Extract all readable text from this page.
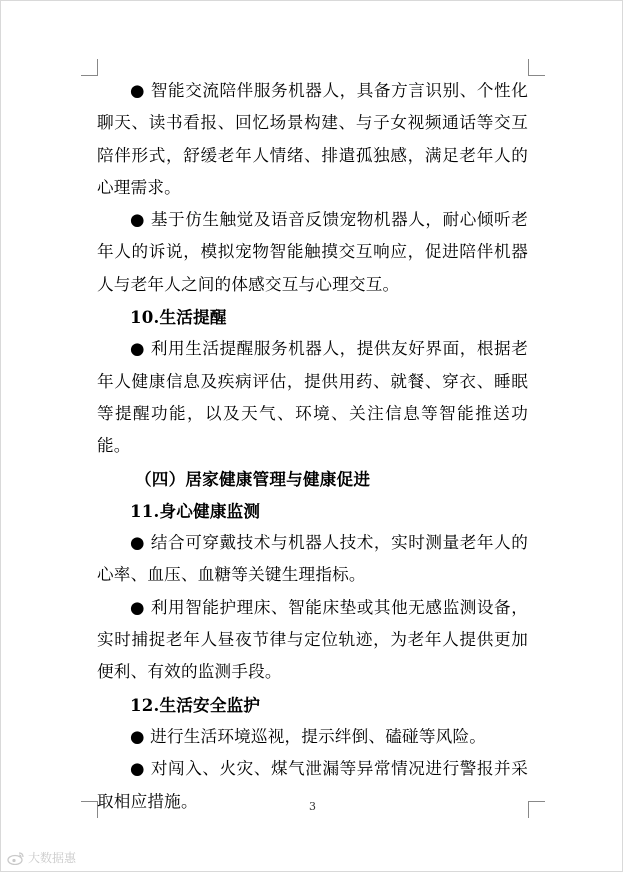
● 智能交流陪伴服务机器人，具备方言识别、个性化聊天、读书看报、回忆场景构建、与子女视频通话等交互陪伴形式，舒缓老年人情绪、排遣孤独感，满足老年人的心理需求。

● 基于仿生触觉及语音反馈宠物机器人，耐心倾听老年人的诉说，模拟宠物智能触摸交互响应，促进陪伴机器人与老年人之间的体感交互与心理交互。

10.生活提醒

● 利用生活提醒服务机器人，提供友好界面，根据老年人健康信息及疾病评估，提供用药、就餐、穿衣、睡眠等提醒功能，以及天气、环境、关注信息等智能推送功能。

（四）居家健康管理与健康促进

11.身心健康监测

● 结合可穿戴技术与机器人技术，实时测量老年人的心率、血压、血糖等关键生理指标。

● 利用智能护理床、智能床垫或其他无感监测设备，实时捕捉老年人昼夜节律与定位轨迹，为老年人提供更加便利、有效的监测手段。

12.生活安全监护

● 进行生活环境巡视，提示绊倒、磕碰等风险。

● 对闯入、火灾、煤气泄漏等异常情况进行警报并采取相应措施。	3
大数据惠
